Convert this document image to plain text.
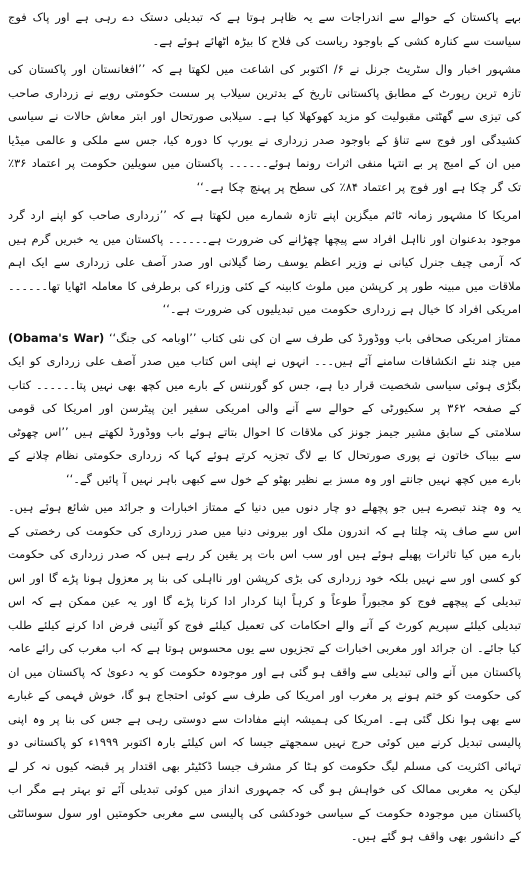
بہے پاکستان کے حوالے سے اندراجات سے یہ ظاہر ہوتا ہے کہ تبدیلی دستک دے رہی ہے اور پاک فوج سیاست سے کنارہ کشی کے باوجود ریاست کی فلاح کا بیڑہ اٹھائے ہوئے ہے۔

مشہور اخبار وال سٹریٹ جرنل نے ۶/ اکتوبر کی اشاعت میں لکھتا ہے کہ ’’افغانستان اور پاکستان کی تازہ ترین رپورٹ کے مطابق پاکستانی تاریخ کے بدترین سیلاب پر سست حکومتی رویے نے زرداری صاحب کی تیزی سے گھٹتی مقبولیت کو مزید کھوکھلا کیا ہے۔ سیلابی صورتحال اور ابتر معاش حالات نے سیاسی کشیدگی اور فوج سے تناؤ کے باوجود صدر زرداری نے یورپ کا دورہ کیا، جس سے ملکی و عالمی میڈیا میں ان کے امیج پر بے انتہا منفی اثرات رونما ہوئے۔۔۔۔۔۔ پاکستان میں سویلین حکومت پر اعتماد ۳۶٪ تک گر چکا ہے اور فوج پر اعتماد ۸۴٪ کی سطح پر پہنچ چکا ہے۔‘‘

امریکا کا مشہور زمانہ ٹائم میگزین اپنے تازہ شمارے میں لکھتا ہے کہ ’’زرداری صاحب کو اپنے ارد گرد موجود بدعنوان اور نااہل افراد سے پیچھا چھڑانے کی ضرورت ہے۔۔۔۔۔۔ پاکستان میں یہ خبریں گرم ہیں کہ آرمی چیف جنرل کیانی نے وزیر اعظم یوسف رضا گیلانی اور صدر آصف علی زرداری سے ایک اہم ملاقات میں مبینہ طور پر کرپشن میں ملوث کابینہ کے کئی وزراء کی برطرفی کا معاملہ اٹھایا تھا۔۔۔۔۔۔ امریکی افراد کا خیال ہے زرداری حکومت میں تبدیلیوں کی ضرورت ہے۔‘‘

ممتاز امریکی صحافی باب ووڈورڈ کی طرف سے ان کی نئی کتاب ’’اوبامہ کی جنگ‘‘ (Obama's War) میں چند نئے انکشافات سامنے آئے ہیں۔۔۔ انہوں نے اپنی اس کتاب میں صدر آصف علی زرداری کو ایک بگڑی ہوئی سیاسی شخصیت قرار دیا ہے، جس کو گورننس کے بارے میں کچھ بھی نہیں پتا۔۔۔۔۔۔ کتاب کے صفحہ ۳۶۲ پر سکیورٹی کے حوالے سے آنے والی امریکی سفیر این پیٹرسن اور امریکا کی قومی سلامتی کے سابق مشیر جیمز جونز کی ملاقات کا احوال بتاتے ہوئے باب ووڈورڈ لکھتے ہیں ’’اس چھوٹی سے بیباک خاتون نے پوری صورتحال کا بے لاگ تجزیہ کرتے ہوئے کہا کہ زرداری حکومتی نظام چلانے کے بارے میں کچھ نہیں جانتے اور وہ مسز بے نظیر بھٹو کے خول سے کبھی باہر نہیں آ پائیں گے۔‘‘

یہ وہ چند تبصرے ہیں جو پچھلے دو چار دنوں میں دنیا کے ممتاز اخبارات و جرائد میں شائع ہوئے ہیں۔ اس سے صاف پتہ چلتا ہے کہ اندرون ملک اور بیرونی دنیا میں صدر زرداری کی حکومت کی رخصتی کے بارے میں کیا تاثرات پھیلے ہوئے ہیں اور سب اس بات پر یقین کر رہے ہیں کہ صدر زرداری کی حکومت کو کسی اور سے نہیں بلکہ خود زرداری کی بڑی کرپشن اور نااہلی کی بنا پر معزول ہونا پڑے گا اور اس تبدیلی کے پیچھے فوج کو مجبوراً طوعاً و کرہاً اپنا کردار ادا کرنا پڑے گا اور یہ عین ممکن ہے کہ اس تبدیلی کیلئے سپریم کورٹ کے آنے والے احکامات کی تعمیل کیلئے فوج کو آئینی فرض ادا کرنے کیلئے طلب کیا جائے۔ ان جرائد اور مغربی اخبارات کے تجزیوں سے یوں محسوس ہوتا ہے کہ اب مغرب کی رائے عامہ پاکستان میں آنے والی تبدیلی سے واقف ہو گئی ہے اور موجودہ حکومت کو یہ دعویٰ کہ پاکستان میں ان کی حکومت کو ختم ہونے پر مغرب اور امریکا کی طرف سے کوئی احتجاج ہو گا، خوش فہمی کے غبارے سے بھی ہوا نکل گئی ہے۔ امریکا کی ہمیشہ اپنے مفادات سے دوستی رہی ہے جس کی بنا پر وہ اپنی پالیسی تبدیل کرنے میں کوئی حرج نہیں سمجھتے جیسا کہ اس کیلئے بارہ اکتوبر ۱۹۹۹ء کو پاکستانی دو تہائی اکثریت کی مسلم لیگ حکومت کو ہٹا کر مشرف جیسا ڈکٹیٹر بھی اقتدار پر قبضہ کیوں نہ کر لے لیکن یہ مغربی ممالک کی خواہش ہو گی کہ جمہوری انداز میں کوئی تبدیلی آئے تو بہتر ہے مگر اب پاکستان میں موجودہ حکومت کے سیاسی خودکشی کی پالیسی سے مغربی حکومتیں اور سول سوسائٹی کے دانشور بھی واقف ہو گئے ہیں۔
